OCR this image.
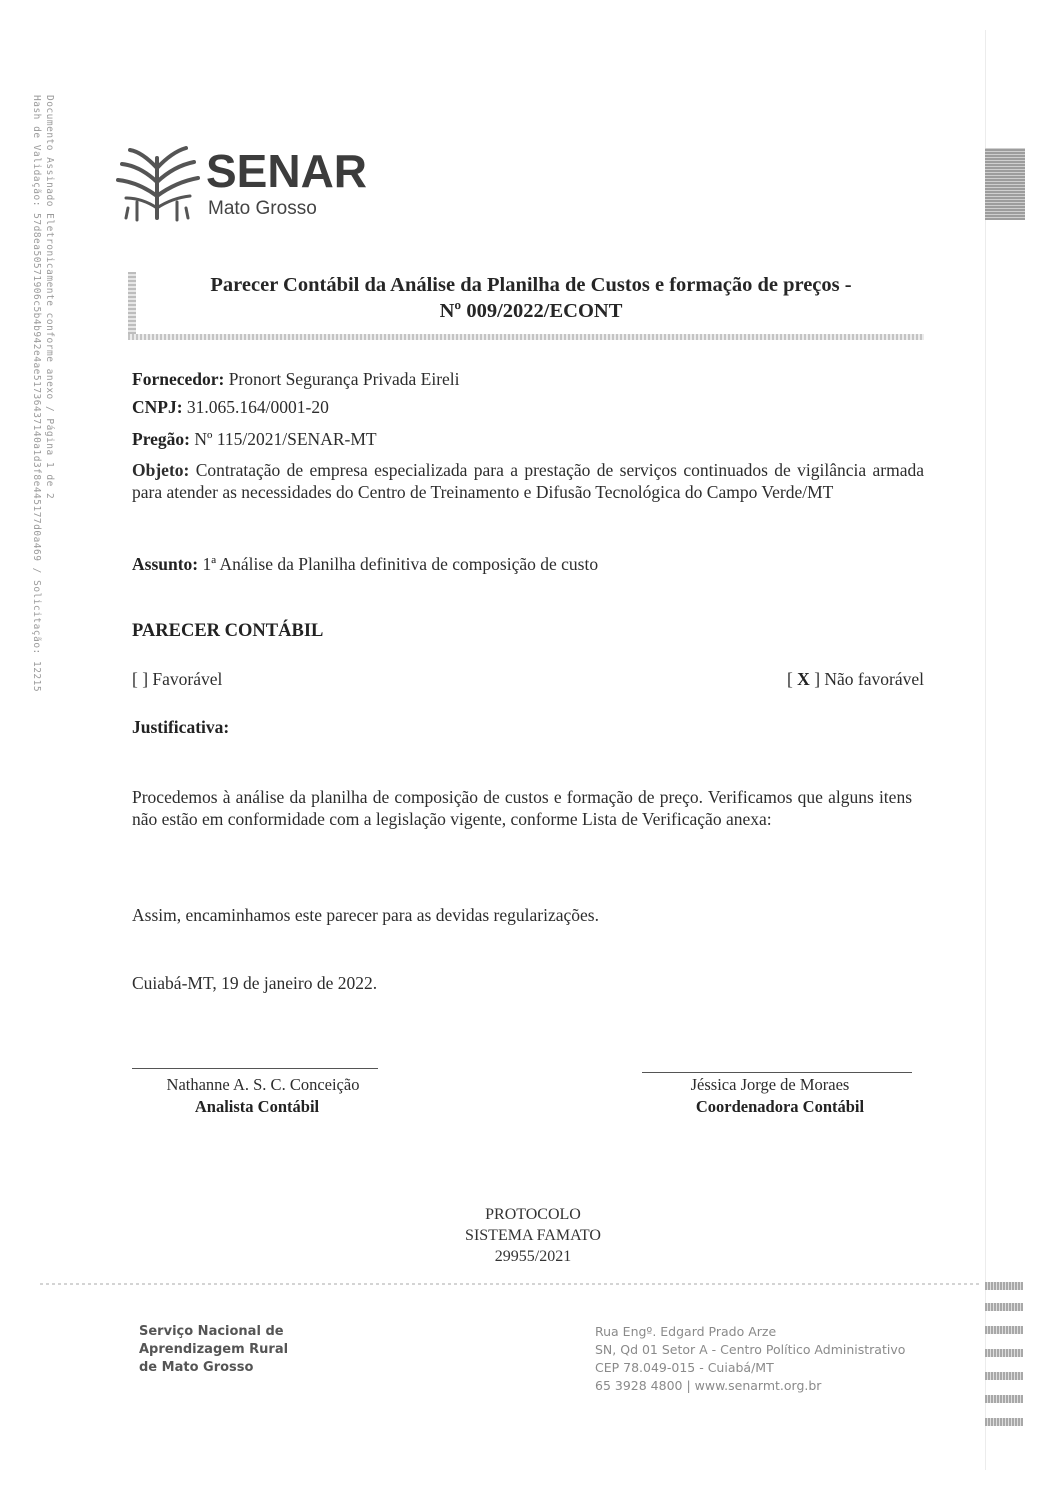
Documento Assinado Eletronicamente conforme anexo / Página 1 de 2
Hash de Validação: 57d8ea50571906c5b4b942e4ae51736437140a1d3f8e445177d0a469 / Solicitação: 12215	SENAR
Mato Grosso
Parecer Contábil da Análise da Planilha de Custos e formação de preços -
Nº 009/2022/ECONT
Fornecedor: Pronort Segurança Privada Eireli
CNPJ: 31.065.164/0001-20
Pregão: Nº 115/2021/SENAR-MT
Objeto: Contratação de empresa especializada para a prestação de serviços continuados de vigilância armada para atender as necessidades do Centro de Treinamento e Difusão Tecnológica do Campo Verde/MT
Assunto: 1ª Análise da Planilha definitiva de composição de custo
PARECER CONTÁBIL
[ ] Favorável	[ X ] Não favorável
Justificativa:
Procedemos à análise da planilha de composição de custos e formação de preço. Verificamos que alguns itens não estão em conformidade com a legislação vigente, conforme Lista de Verificação anexa:
Assim, encaminhamos este parecer para as devidas regularizações.
Cuiabá-MT, 19 de janeiro de 2022.
Nathanne A. S. C. Conceição
Analista Contábil
Jéssica Jorge de Moraes
Coordenadora Contábil
PROTOCOLO
SISTEMA FAMATO
29955/2021
Serviço Nacional de
Aprendizagem Rural
de Mato Grosso
Rua Engº. Edgard Prado Arze
SN, Qd 01 Setor A - Centro Político Administrativo
CEP 78.049-015 - Cuiabá/MT
65 3928 4800 | www.senarmt.org.br
